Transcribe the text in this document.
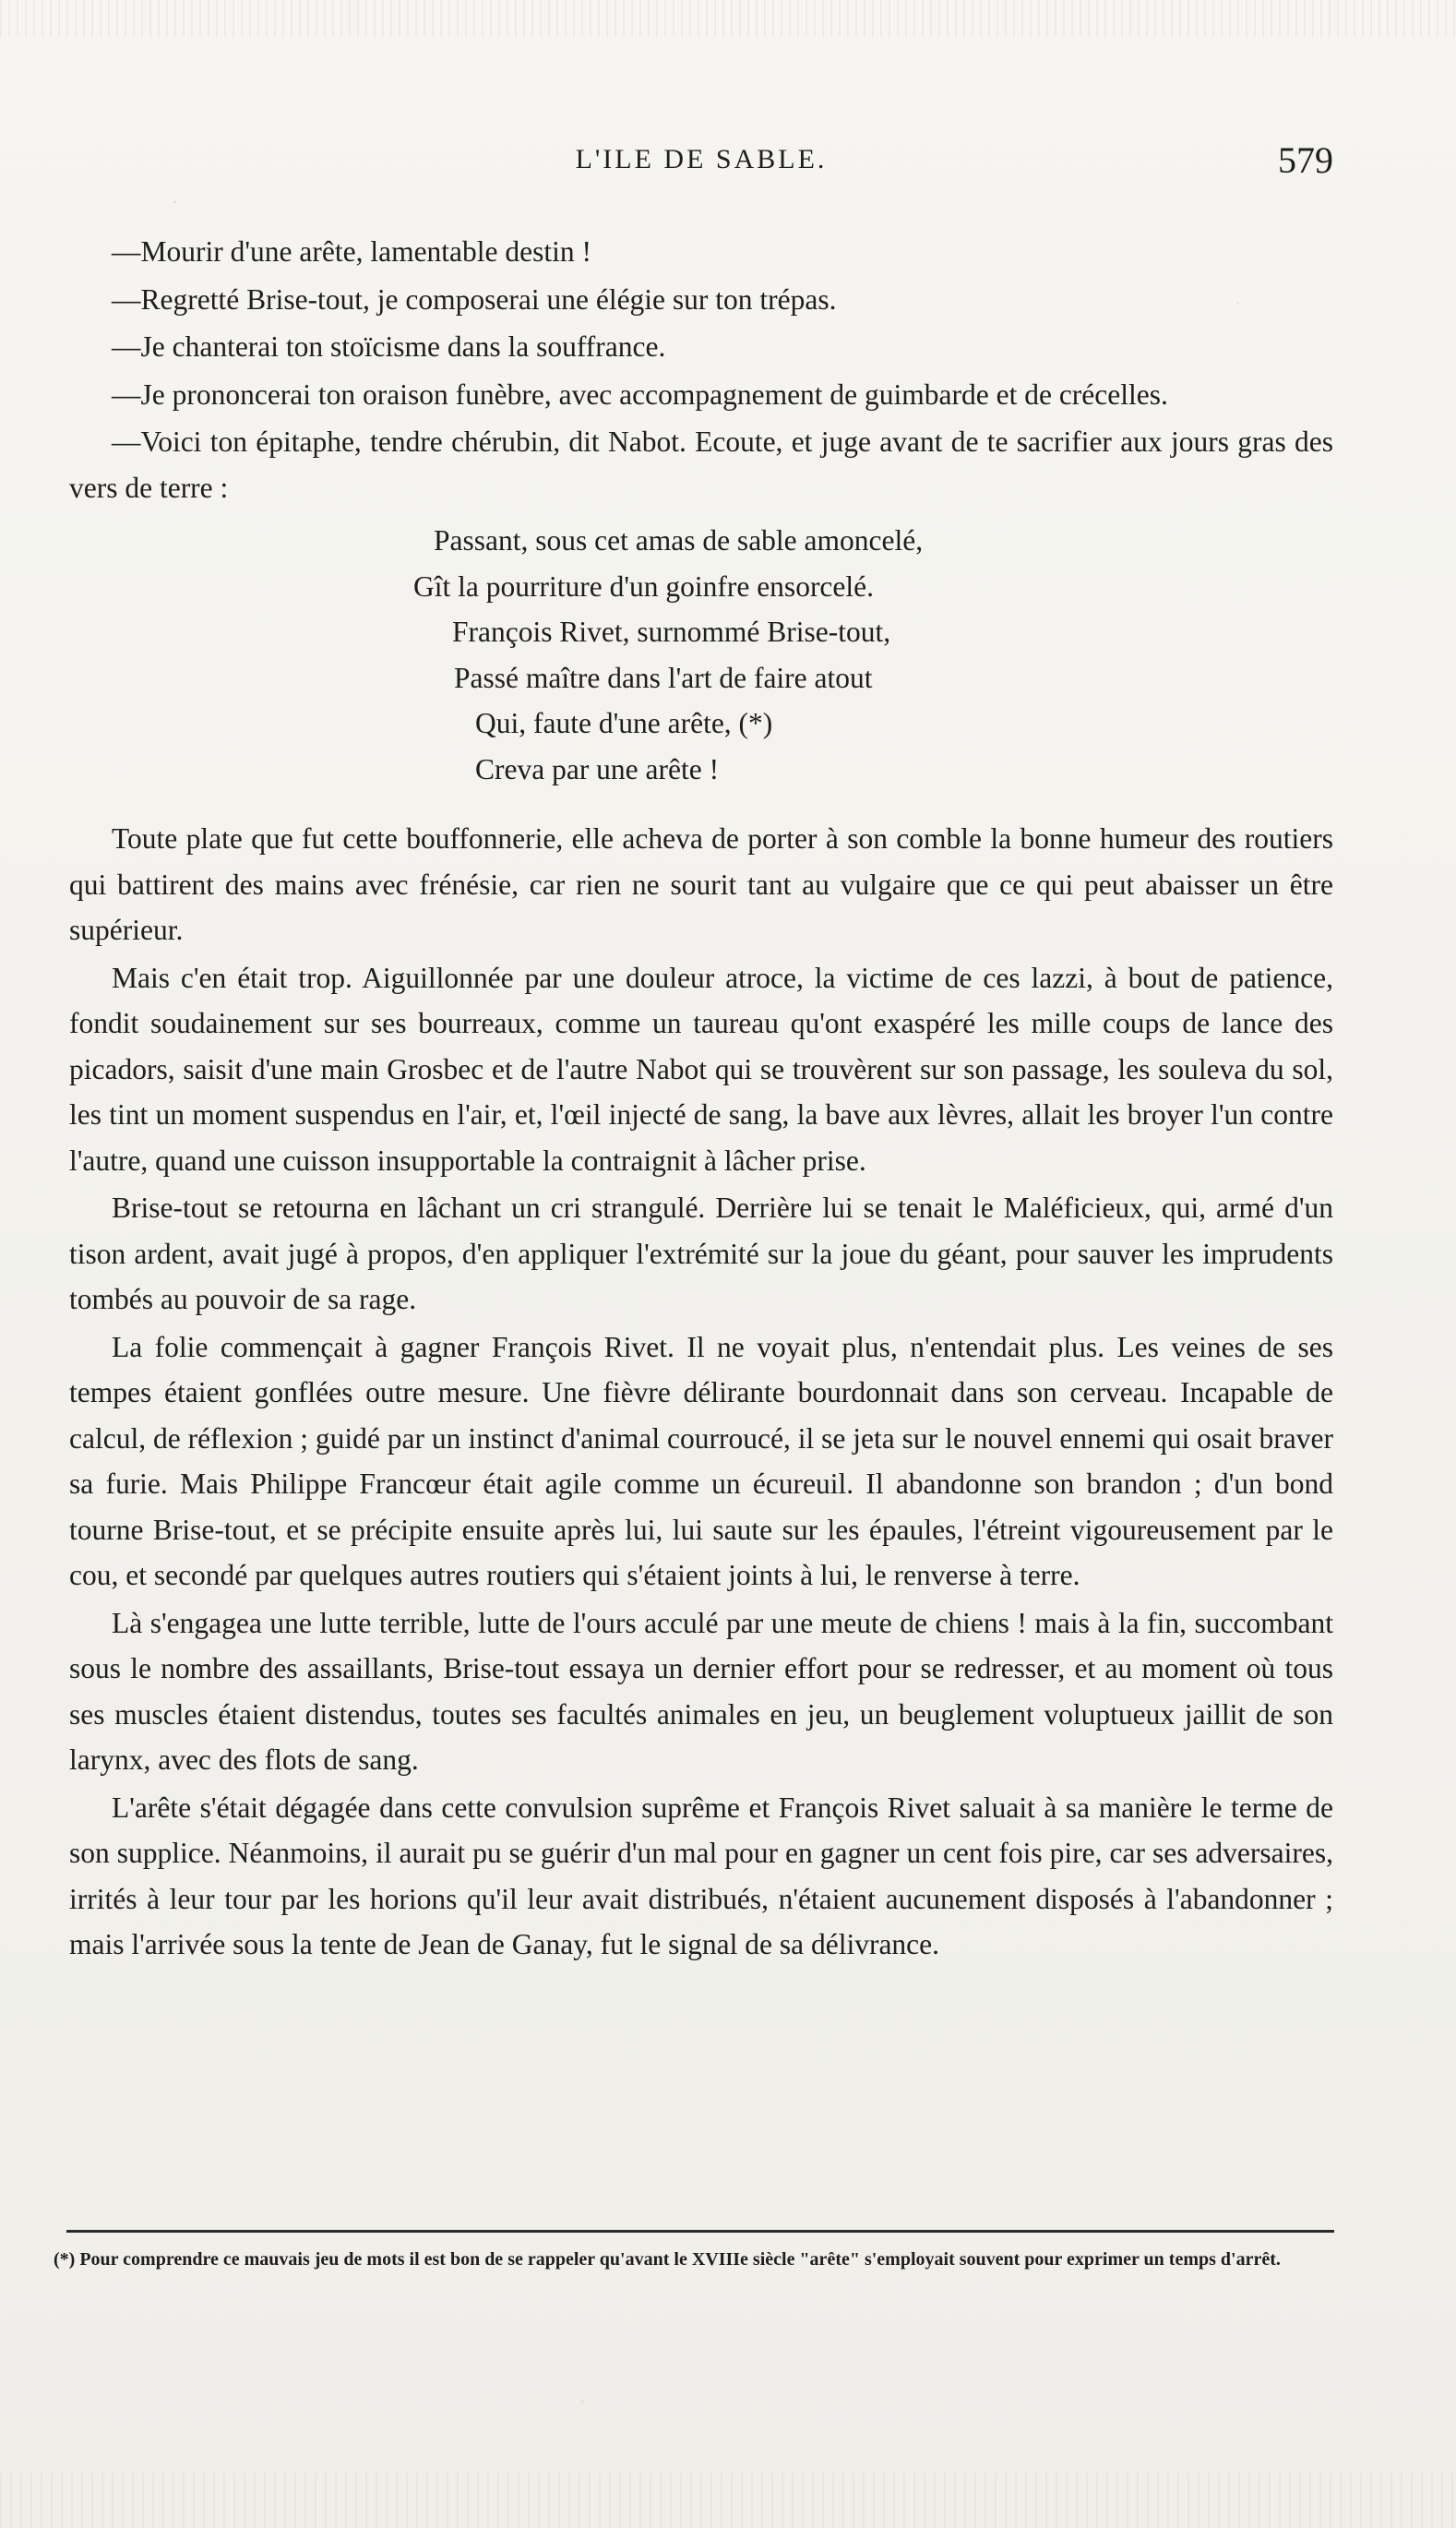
L'ILE DE SABLE.	579

—Mourir d'une arête, lamentable destin !

—Regretté Brise-tout, je composerai une élégie sur ton trépas.

—Je chanterai ton stoïcisme dans la souffrance.

—Je prononcerai ton oraison funèbre, avec accompagnement de guimbarde et de crécelles.

—Voici ton épitaphe, tendre chérubin, dit Nabot. Ecoute, et juge avant de te sacrifier aux jours gras des vers de terre :

Passant, sous cet amas de sable amoncelé,
Gît la pourriture d'un goinfre ensorcelé.
François Rivet, surnommé Brise-tout,
Passé maître dans l'art de faire atout
Qui, faute d'une arête, (*)
Creva par une arête !

Toute plate que fut cette bouffonnerie, elle acheva de porter à son comble la bonne humeur des routiers qui battirent des mains avec frénésie, car rien ne sourit tant au vulgaire que ce qui peut abaisser un être supérieur.

Mais c'en était trop. Aiguillonnée par une douleur atroce, la victime de ces lazzi, à bout de patience, fondit soudainement sur ses bourreaux, comme un taureau qu'ont exaspéré les mille coups de lance des picadors, saisit d'une main Grosbec et de l'autre Nabot qui se trouvèrent sur son passage, les souleva du sol, les tint un moment suspendus en l'air, et, l'œil injecté de sang, la bave aux lèvres, allait les broyer l'un contre l'autre, quand une cuisson insupportable la contraignit à lâcher prise.

Brise-tout se retourna en lâchant un cri strangulé. Derrière lui se tenait le Maléficieux, qui, armé d'un tison ardent, avait jugé à propos, d'en appliquer l'extrémité sur la joue du géant, pour sauver les imprudents tombés au pouvoir de sa rage.

La folie commençait à gagner François Rivet. Il ne voyait plus, n'entendait plus. Les veines de ses tempes étaient gonflées outre mesure. Une fièvre délirante bourdonnait dans son cerveau. Incapable de calcul, de réflexion ; guidé par un instinct d'animal courroucé, il se jeta sur le nouvel ennemi qui osait braver sa furie. Mais Philippe Francœur était agile comme un écureuil. Il abandonne son brandon ; d'un bond tourne Brise-tout, et se précipite ensuite après lui, lui saute sur les épaules, l'étreint vigoureusement par le cou, et secondé par quelques autres routiers qui s'étaient joints à lui, le renverse à terre.

Là s'engagea une lutte terrible, lutte de l'ours acculé par une meute de chiens ! mais à la fin, succombant sous le nombre des assaillants, Brise-tout essaya un dernier effort pour se redresser, et au moment où tous ses muscles étaient distendus, toutes ses facultés animales en jeu, un beuglement voluptueux jaillit de son larynx, avec des flots de sang.

L'arête s'était dégagée dans cette convulsion suprême et François Rivet saluait à sa manière le terme de son supplice. Néanmoins, il aurait pu se guérir d'un mal pour en gagner un cent fois pire, car ses adversaires, irrités à leur tour par les horions qu'il leur avait distribués, n'étaient aucunement disposés à l'abandonner ; mais l'arrivée sous la tente de Jean de Ganay, fut le signal de sa délivrance.

(*) Pour comprendre ce mauvais jeu de mots il est bon de se rappeler qu'avant le XVIIIe siècle "arête" s'employait souvent pour exprimer un temps d'arrêt.
